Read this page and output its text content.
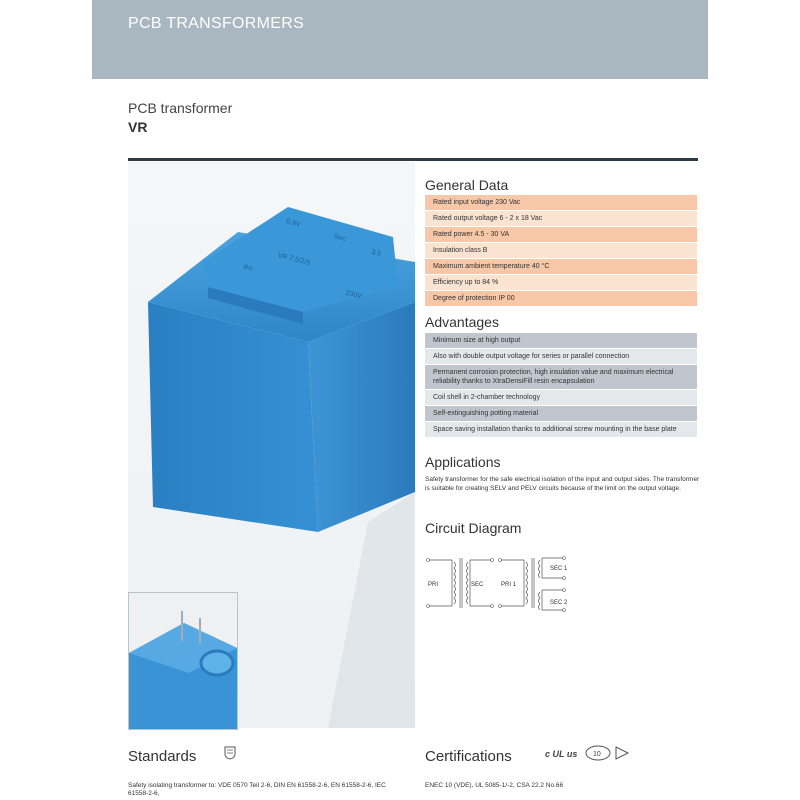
PCB TRANSFORMERS
PCB transformer
VR
0.9V
Sec
3.5
VR 7.5/2/9
230V
Pri
General Data
Rated input voltage 230 Vac
Rated output voltage 6 - 2 x 18 Vac
Rated power 4.5 - 30 VA
Insulation class B
Maximum ambient temperature 40 °C
Efficiency up to 84 %
Degree of protection IP 00
Advantages
Minimum size at high output
Also with double output voltage for series or parallel connection
Permanent corrosion protection, high insulation value and maximum electrical reliability thanks to XtraDensiFill resin encapsulation
Coil shell in 2-chamber technology
Self-extinguishing potting material
Space saving installation thanks to additional screw mounting in the base plate
Applications
Safety transformer for the safe electrical isolation of the input and output sides. The transformer is suitable for creating SELV and PELV circuits because of the limit on the output voltage.
Circuit Diagram
PRI	SEC	PRI 1
SEC 1
SEC 2
Standards
Safety isolating transformer to: VDE 0570 Teil 2-6, DIN EN 61558-2-6, EN 61558-2-6, IEC 61558-2-6,
Certifications	c UL us 10
ENEC 10 (VDE), UL 5085-1/-2, CSA 22.2 No.66
